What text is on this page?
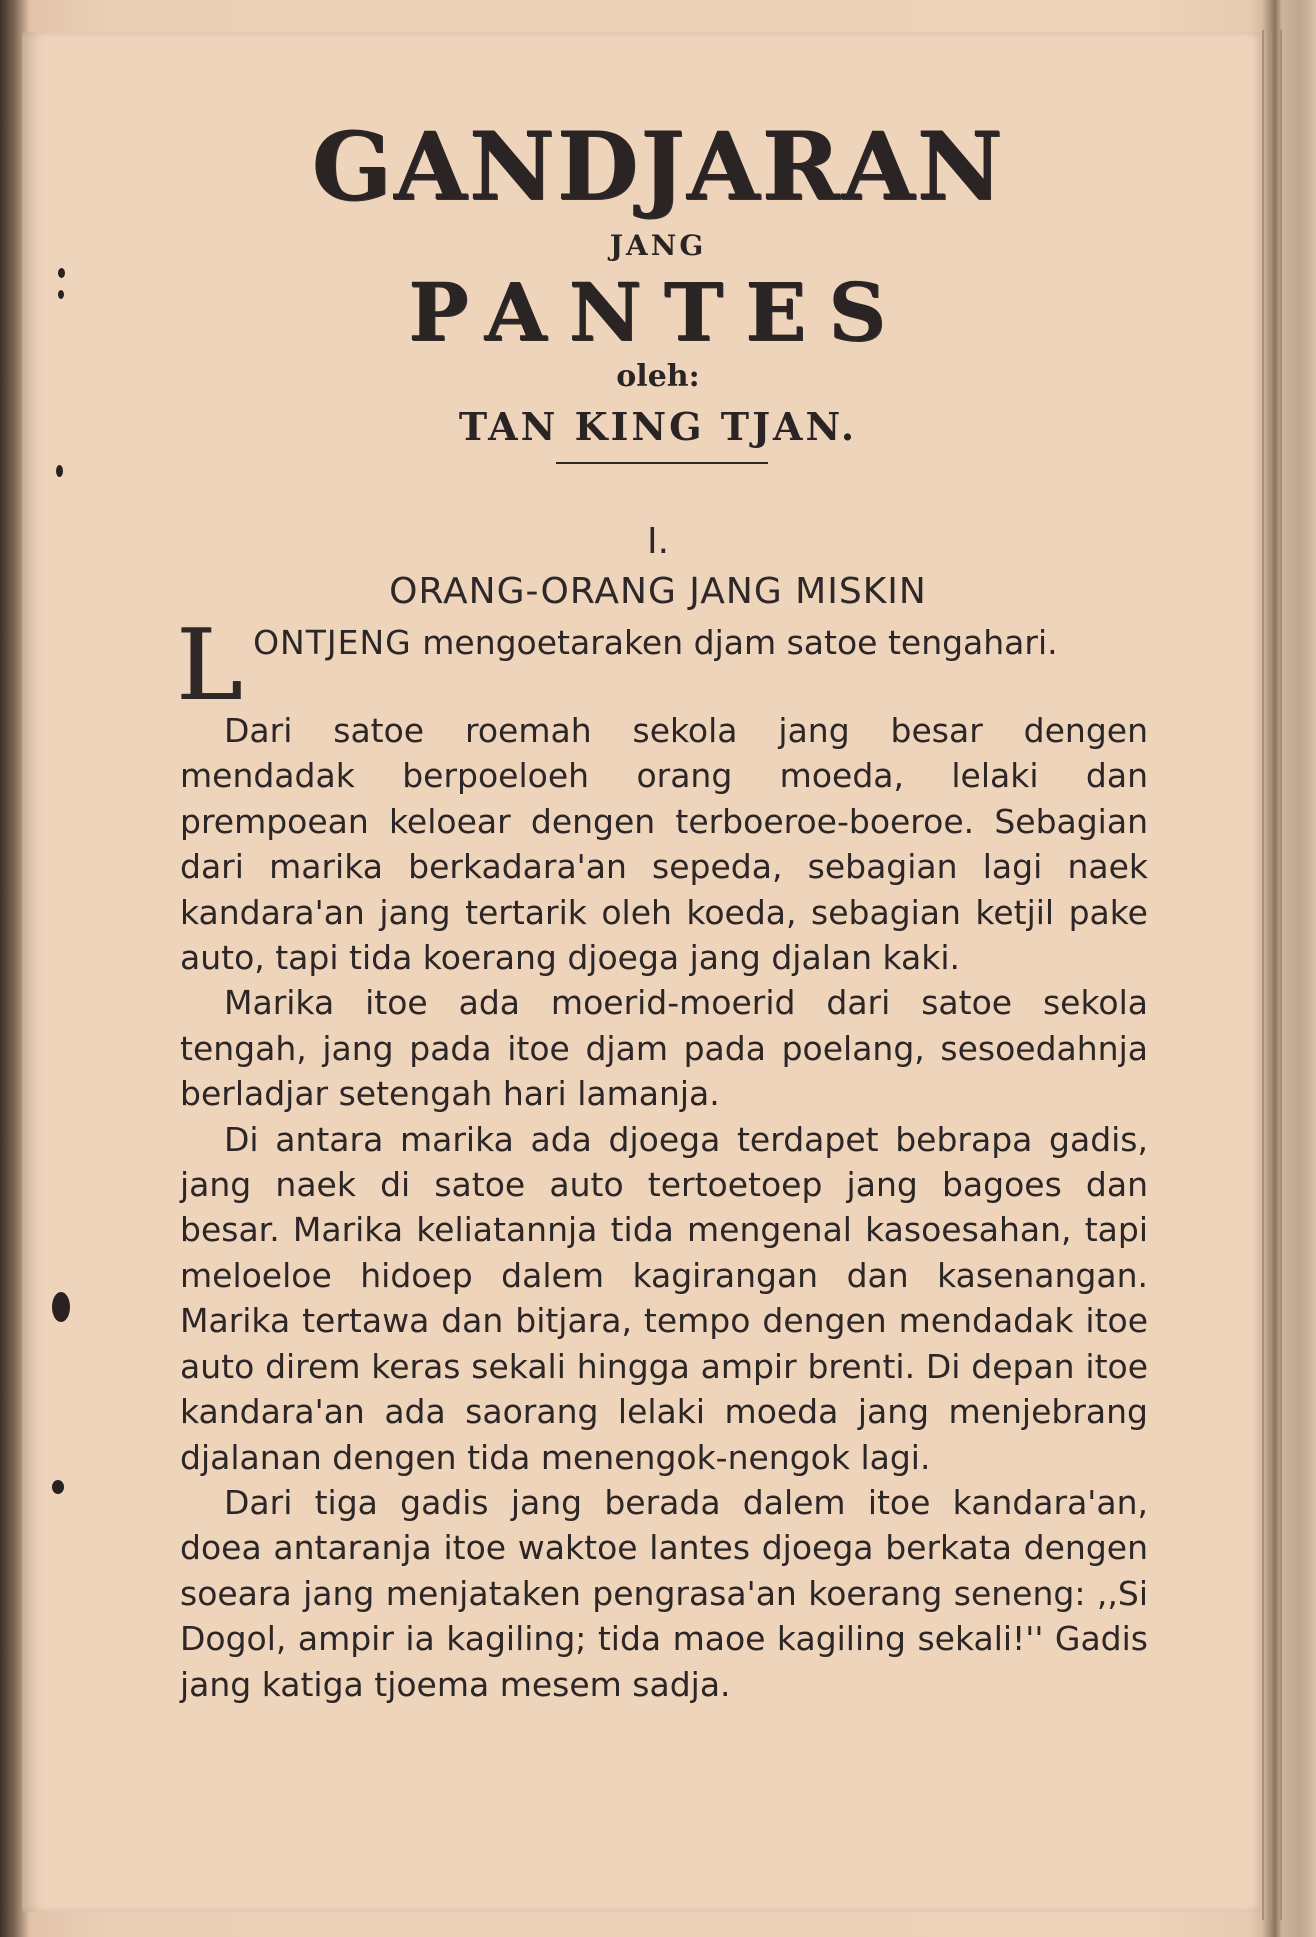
GANDJARAN
JANG
PANTES
oleh:
TAN KING TJAN.
I.
ORANG-ORANG JANG MISKIN

LONTJENG mengoetaraken djam satoe tengahari.

Dari satoe roemah sekola jang besar dengen mendadak berpoeloeh orang moeda, lelaki dan prempoean keloear dengen terboeroe-boeroe. Sebagian dari marika berkadara'an sepeda, sebagian lagi naek kandara'an jang tertarik oleh koeda, sebagian ketjil pake auto, tapi tida koerang djoega jang djalan kaki.

Marika itoe ada moerid-moerid dari satoe sekola tengah, jang pada itoe djam pada poelang, sesoedahnja berladjar setengah hari lamanja.

Di antara marika ada djoega terdapet bebrapa gadis, jang naek di satoe auto tertoetoep jang bagoes dan besar. Marika keliatannja tida mengenal kasoesahan, tapi meloeloe hidoep dalem kagirangan dan kasenangan. Marika tertawa dan bitjara, tempo dengen mendadak itoe auto direm keras sekali hingga ampir brenti. Di depan itoe kandara'an ada saorang lelaki moeda jang menjebrang djalanan dengen tida menengok-nengok lagi.

Dari tiga gadis jang berada dalem itoe kandara'an, doea antaranja itoe waktoe lantes djoega berkata dengen soeara jang menjataken pengrasa'an koerang seneng: ,,Si Dogol, ampir ia kagiling; tida maoe kagiling sekali!'' Gadis jang katiga tjoema mesem sadja.
